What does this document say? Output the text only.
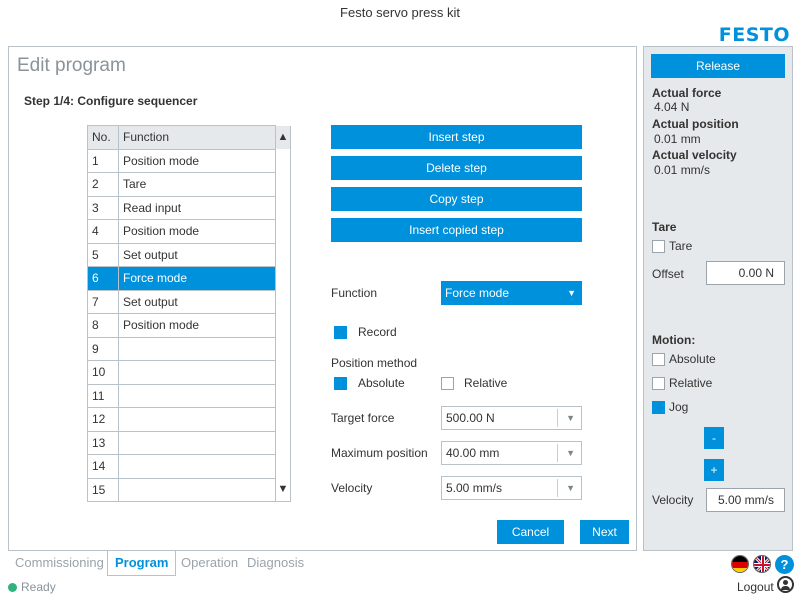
Festo servo press kit
FESTO
Edit program
Step 1/4: Configure sequencer
No.	Function	▲
1	Position mode	
2	Tare	
3	Read input	
4	Position mode	
5	Set output	
6	Force mode	
7	Set output	
8	Position mode	
9		
10		
11		
12		
13		
14		
15		▼
Insert step
Delete step
Copy step
Insert copied step
Function	Force mode	▼
Record
Position method
Absolute	Relative
Target force	500.00 N	▼
Maximum position	40.00 mm	▼
Velocity	5.00 mm/s	▼
Cancel	Next
Release
Actual force
4.04 N
Actual position
0.01 mm
Actual velocity
0.01 mm/s
Tare
Tare
Offset	0.00 N
Motion:
Absolute
Relative
Jog
-
+
Velocity	5.00 mm/s
Commissioning Program Operation Diagnosis
Ready
?
Logout
